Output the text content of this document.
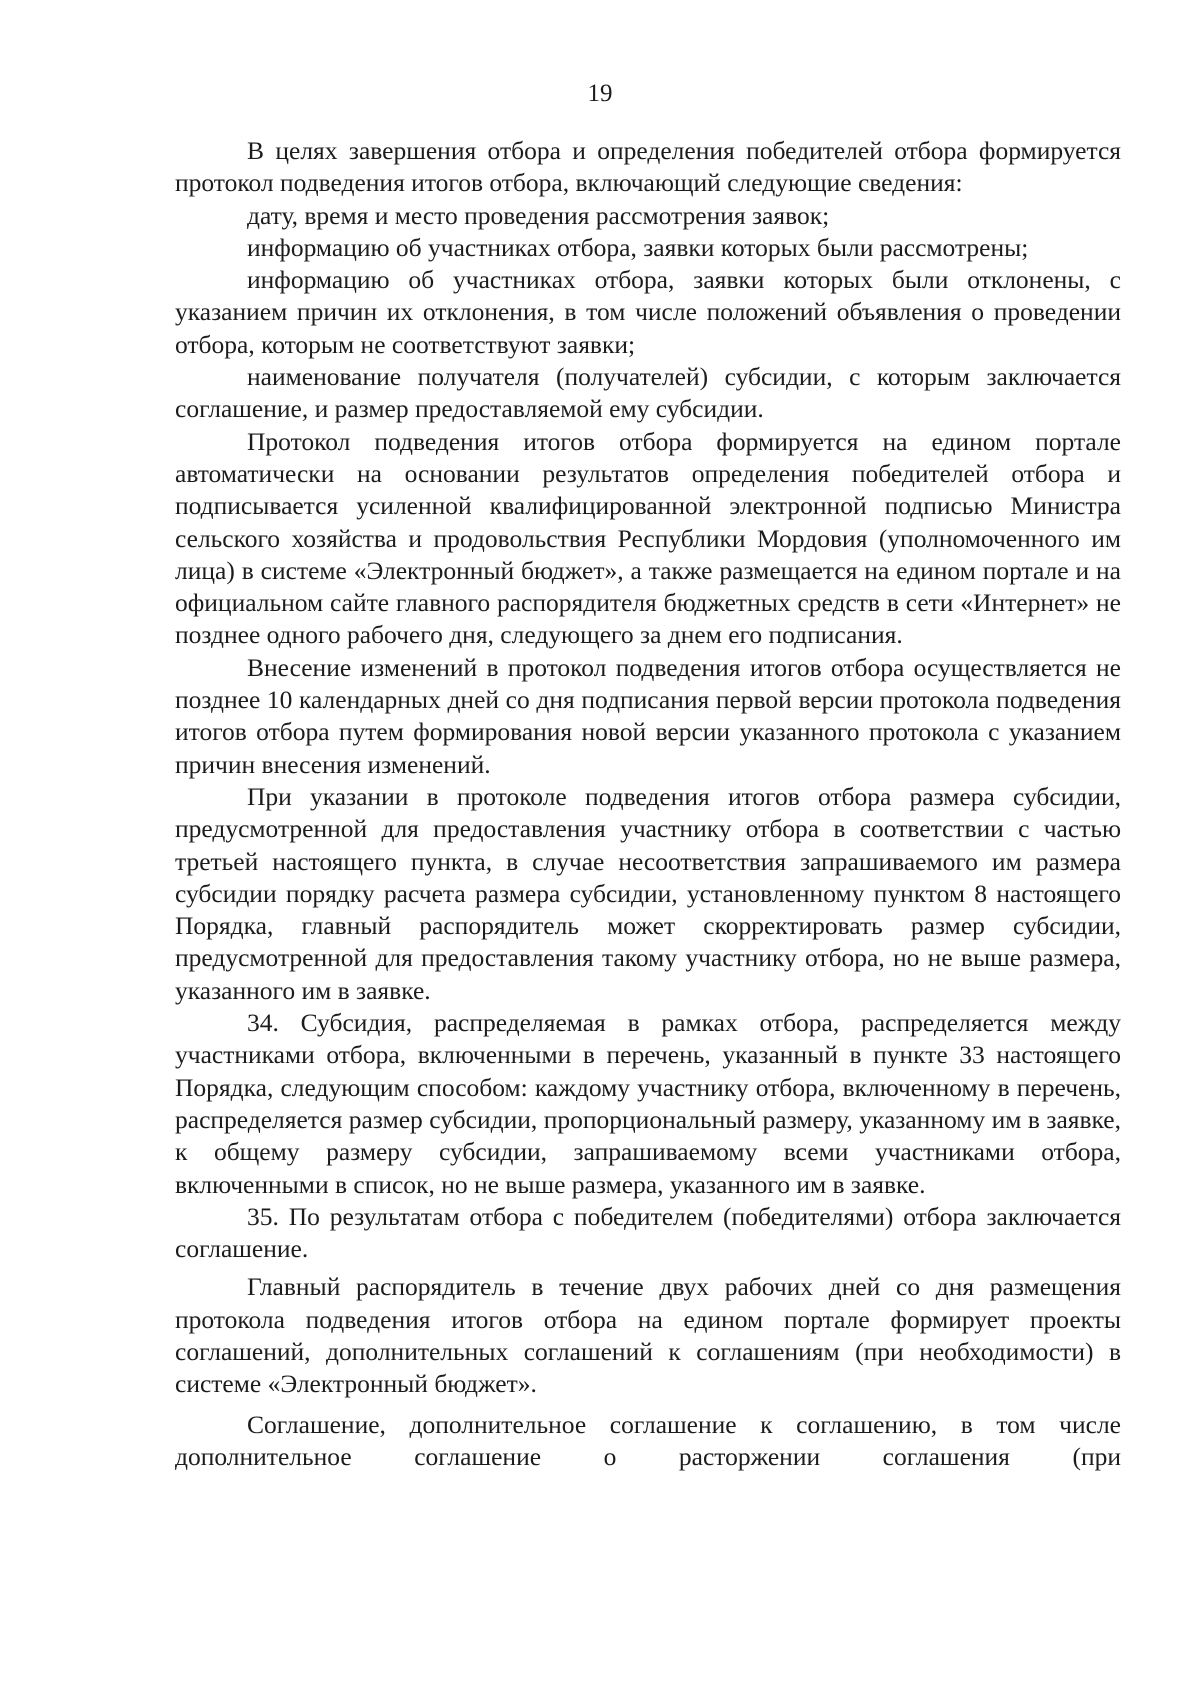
19

В целях завершения отбора и определения победителей отбора формируется протокол подведения итогов отбора, включающий следующие сведения:

дату, время и место проведения рассмотрения заявок;

информацию об участниках отбора, заявки которых были рассмотрены;

информацию об участниках отбора, заявки которых были отклонены, с указанием причин их отклонения, в том числе положений объявления о проведении отбора, которым не соответствуют заявки;

наименование получателя (получателей) субсидии, с которым заключается соглашение, и размер предоставляемой ему субсидии.

Протокол подведения итогов отбора формируется на едином портале автоматически на основании результатов определения победителей отбора и подписывается усиленной квалифицированной электронной подписью Министра сельского хозяйства и продовольствия Республики Мордовия (уполномоченного им лица) в системе «Электронный бюджет», а также размещается на едином портале и на официальном сайте главного распорядителя бюджетных средств в сети «Интернет» не позднее одного рабочего дня, следующего за днем его подписания.

Внесение изменений в протокол подведения итогов отбора осуществляется не позднее 10 календарных дней со дня подписания первой версии протокола подведения итогов отбора путем формирования новой версии указанного протокола с указанием причин внесения изменений.

При указании в протоколе подведения итогов отбора размера субсидии, предусмотренной для предоставления участнику отбора в соответствии с частью третьей настоящего пункта, в случае несоответствия запрашиваемого им размера субсидии порядку расчета размера субсидии, установленному пунктом 8 настоящего Порядка, главный распорядитель может скорректировать размер субсидии, предусмотренной для предоставления такому участнику отбора, но не выше размера, указанного им в заявке.

34. Субсидия, распределяемая в рамках отбора, распределяется между участниками отбора, включенными в перечень, указанный в пункте 33 настоящего Порядка, следующим способом: каждому участнику отбора, включенному в перечень, распределяется размер субсидии, пропорциональный размеру, указанному им в заявке, к общему размеру субсидии, запрашиваемому всеми участниками отбора, включенными в список, но не выше размера, указанного им в заявке.

35. По результатам отбора с победителем (победителями) отбора заключается соглашение.

Главный распорядитель в течение двух рабочих дней со дня размещения протокола подведения итогов отбора на едином портале формирует проекты соглашений, дополнительных соглашений к соглашениям (при необходимости) в системе «Электронный бюджет».

Соглашение, дополнительное соглашение к соглашению, в том числе дополнительное соглашение о расторжении соглашения (при
